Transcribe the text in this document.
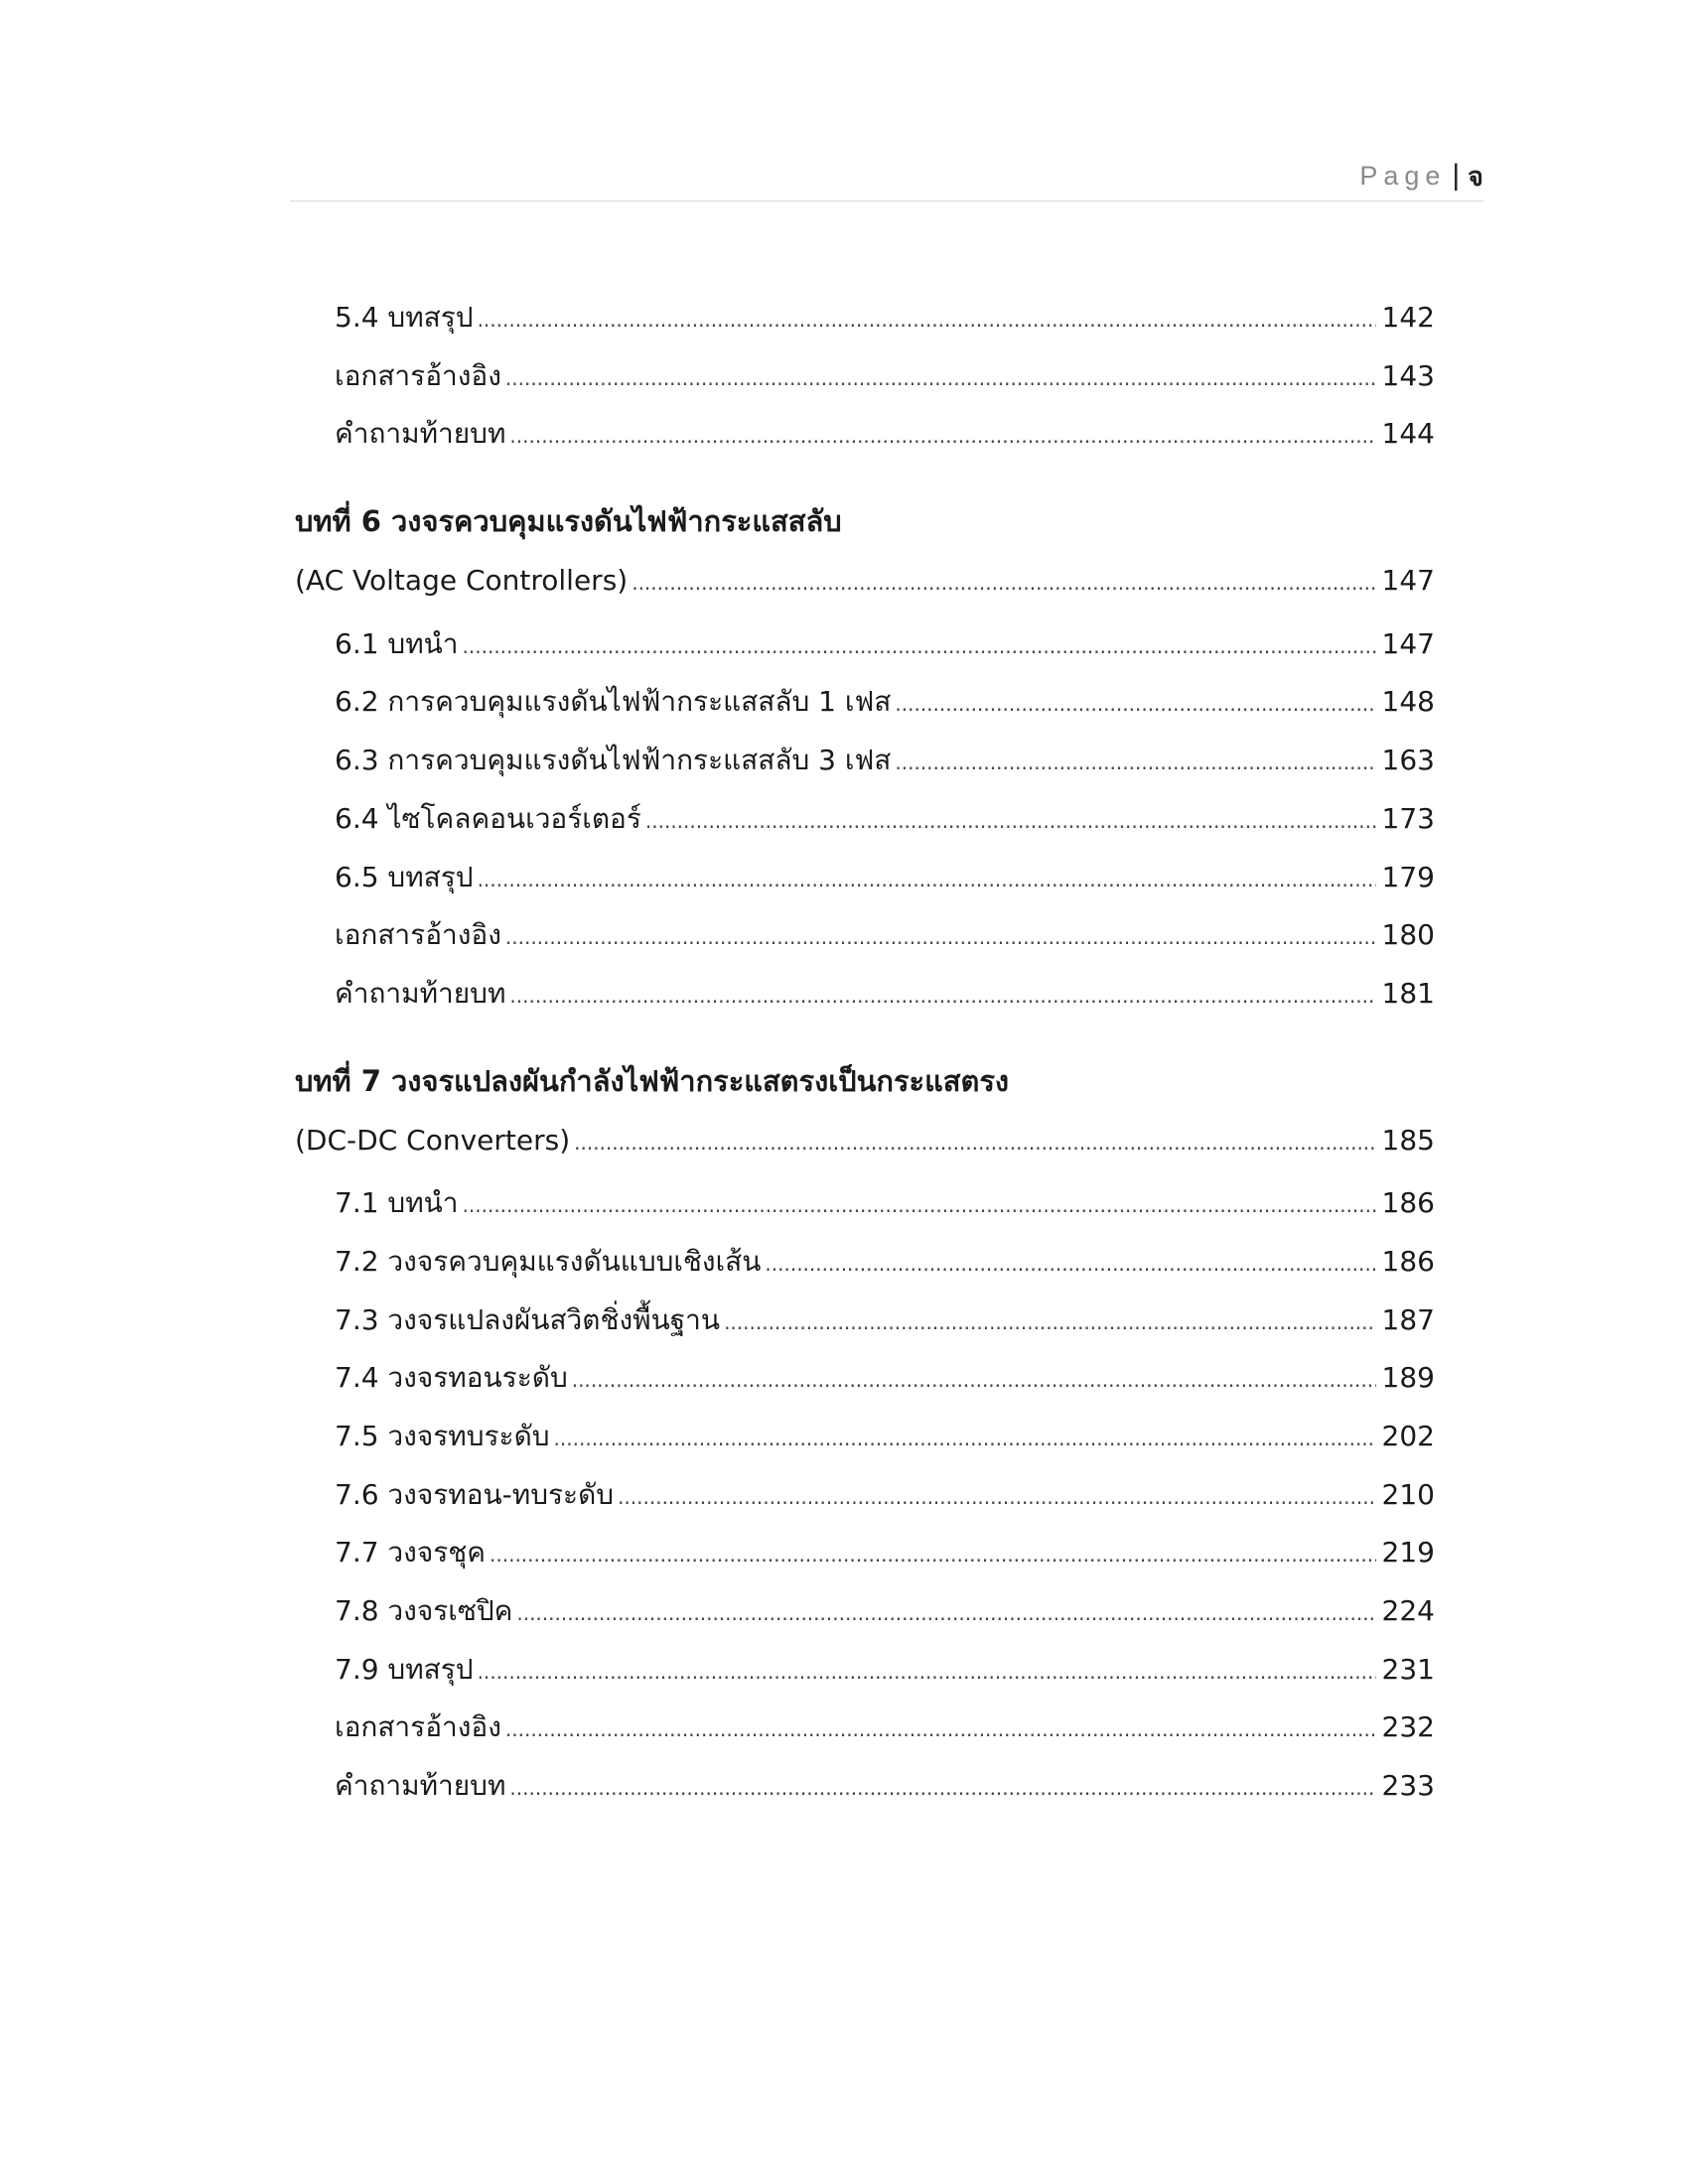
Page | จ
5.4 บทสรุป .....	142
เอกสารอ้างอิง .....	143
คำถามท้ายบท .....	144
บทที่ 6 วงจรควบคุมแรงดันไฟฟ้ากระแสสลับ
(AC Voltage Controllers) .....	147
6.1 บทนำ .....	147
6.2 การควบคุมแรงดันไฟฟ้ากระแสสลับ 1 เฟส .....	148
6.3 การควบคุมแรงดันไฟฟ้ากระแสสลับ 3 เฟส .....	163
6.4 ไซโคลคอนเวอร์เตอร์ .....	173
6.5 บทสรุป .....	179
เอกสารอ้างอิง .....	180
คำถามท้ายบท .....	181
บทที่ 7 วงจรแปลงผันกำลังไฟฟ้ากระแสตรงเป็นกระแสตรง
(DC-DC Converters) .....	185
7.1 บทนำ .....	186
7.2 วงจรควบคุมแรงดันแบบเชิงเส้น .....	186
7.3 วงจรแปลงผันสวิตชิ่งพื้นฐาน .....	187
7.4 วงจรทอนระดับ .....	189
7.5 วงจรทบระดับ .....	202
7.6 วงจรทอน-ทบระดับ .....	210
7.7 วงจรชุค .....	219
7.8 วงจรเซปิค .....	224
7.9 บทสรุป .....	231
เอกสารอ้างอิง .....	232
คำถามท้ายบท .....	233
